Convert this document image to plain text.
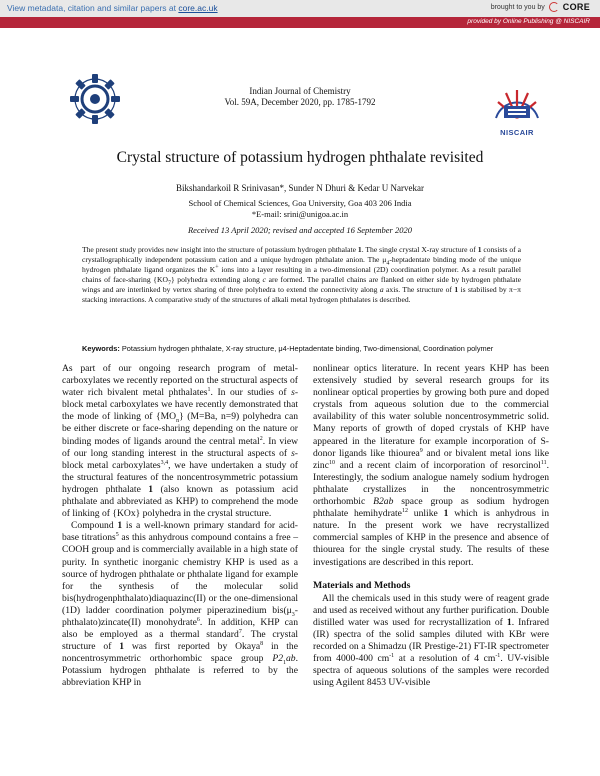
View metadata, citation and similar papers at core.ac.uk	brought to you by CORE
provided by Online Publishing @ NISCAIR
NISCAIR
Indian Journal of Chemistry
Vol. 59A, December 2020, pp. 1785-1792
Crystal structure of potassium hydrogen phthalate revisited
Bikshandarkoil R Srinivasan*, Sunder N Dhuri & Kedar U Narvekar
School of Chemical Sciences, Goa University, Goa 403 206 India
*E-mail: srini@unigoa.ac.in
Received 13 April 2020; revised and accepted 16 September 2020
The present study provides new insight into the structure of potassium hydrogen phthalate 1. The single crystal X-ray structure of 1 consists of a crystallographically independent potassium cation and a unique hydrogen phthalate anion. The $\mu_4$-heptadentate binding mode of the unique hydrogen phthalate ligand organizes the K+ ions into a layer resulting in a two-dimensional (2D) coordination polymer. As a result parallel chains of face-sharing $\{KO_7\}$ polyhedra extending along c are formed. The parallel chains are flanked on either side by hydrogen phthalate wings and are interlinked by vertex sharing of three polyhedra to extend the connectivity along a axis. The structure of 1 is stabilised by π−π stacking interactions. A comparative study of the structures of alkali metal hydrogen phthalates is described.
Keywords: Potassium hydrogen phthalate, X-ray structure, μ4-Heptadentate binding, Two-dimensional, Coordination polymer

As part of our ongoing research program of metal-carboxylates we recently reported on the structural aspects of water rich bivalent metal phthalates$^1$. In our studies of s-block metal carboxylates we have recently demonstrated that the mode of linking of $\{MO_n\}$ (M=Ba, n=9) polyhedra can be either discrete or face-sharing depending on the nature or binding modes of ligands around the central metal$^2$. In view of our long standing interest in the structural aspects of s-block metal carboxylates$^{3,4}$, we have undertaken a study of the structural features of the noncentrosymmetric potassium hydrogen phthalate 1 (also known as potassium acid phthalate and abbreviated as KHP) to comprehend the mode of linking of {KOx} polyhedra in the crystal structure.

Compound 1 is a well-known primary standard for acid-base titrations$^5$ as this anhydrous compound contains a free –COOH group and is commercially available in a high state of purity. In synthetic inorganic chemistry KHP is used as a source of hydrogen phthalate or phthalate ligand for example for the synthesis of the molecular solid bis(hydrogenphthalato)diaquazinc(II) or the one-dimensional (1D) ladder coordination polymer piperazinedium $bis(\mu_3-phthalato)zincate(II)$ monohydrate$^6$. In addition, KHP can also be employed as a thermal standard$^7$. The crystal structure of 1 was first reported by Okaya$^8$ in the noncentrosymmetric orthorhombic space group $P2_1ab$. Potassium hydrogen phthalate is referred to by the abbreviation KHP in

nonlinear optics literature. In recent years KHP has been extensively studied by several research groups for its nonlinear optical properties by growing both pure and doped crystals from aqueous solution due to the commercial availability of this water soluble noncentrosymmetric solid. Many reports of growth of doped crystals of KHP have appeared in the literature for example incorporation of S-donor ligands like thiourea$^9$ and or bivalent metal ions like zinc$^{10}$ and a recent claim of incorporation of resorcinol$^{11}$. Interestingly, the sodium analogue namely sodium hydrogen phthalate crystallizes in the noncentrosymmetric orthorhombic B2ab space group as sodium hydrogen phthalate hemihydrate$^{12}$ unlike 1 which is anhydrous in nature. In the present work we have recrystallized commercial samples of KHP in the presence and absence of thiourea for the single crystal study. The results of these investigations are described in this report.

Materials and Methods

All the chemicals used in this study were of reagent grade and used as received without any further purification. Double distilled water was used for recrystallization of 1. Infrared (IR) spectra of the solid samples diluted with KBr were recorded on a Shimadzu (IR Prestige-21) FT-IR spectrometer from 4000-400 $cm^{-1}$ at a resolution of 4 $cm^{-1}$. UV-visible spectra of aqueous solutions of the samples were recorded using Agilent 8453 UV-visible
